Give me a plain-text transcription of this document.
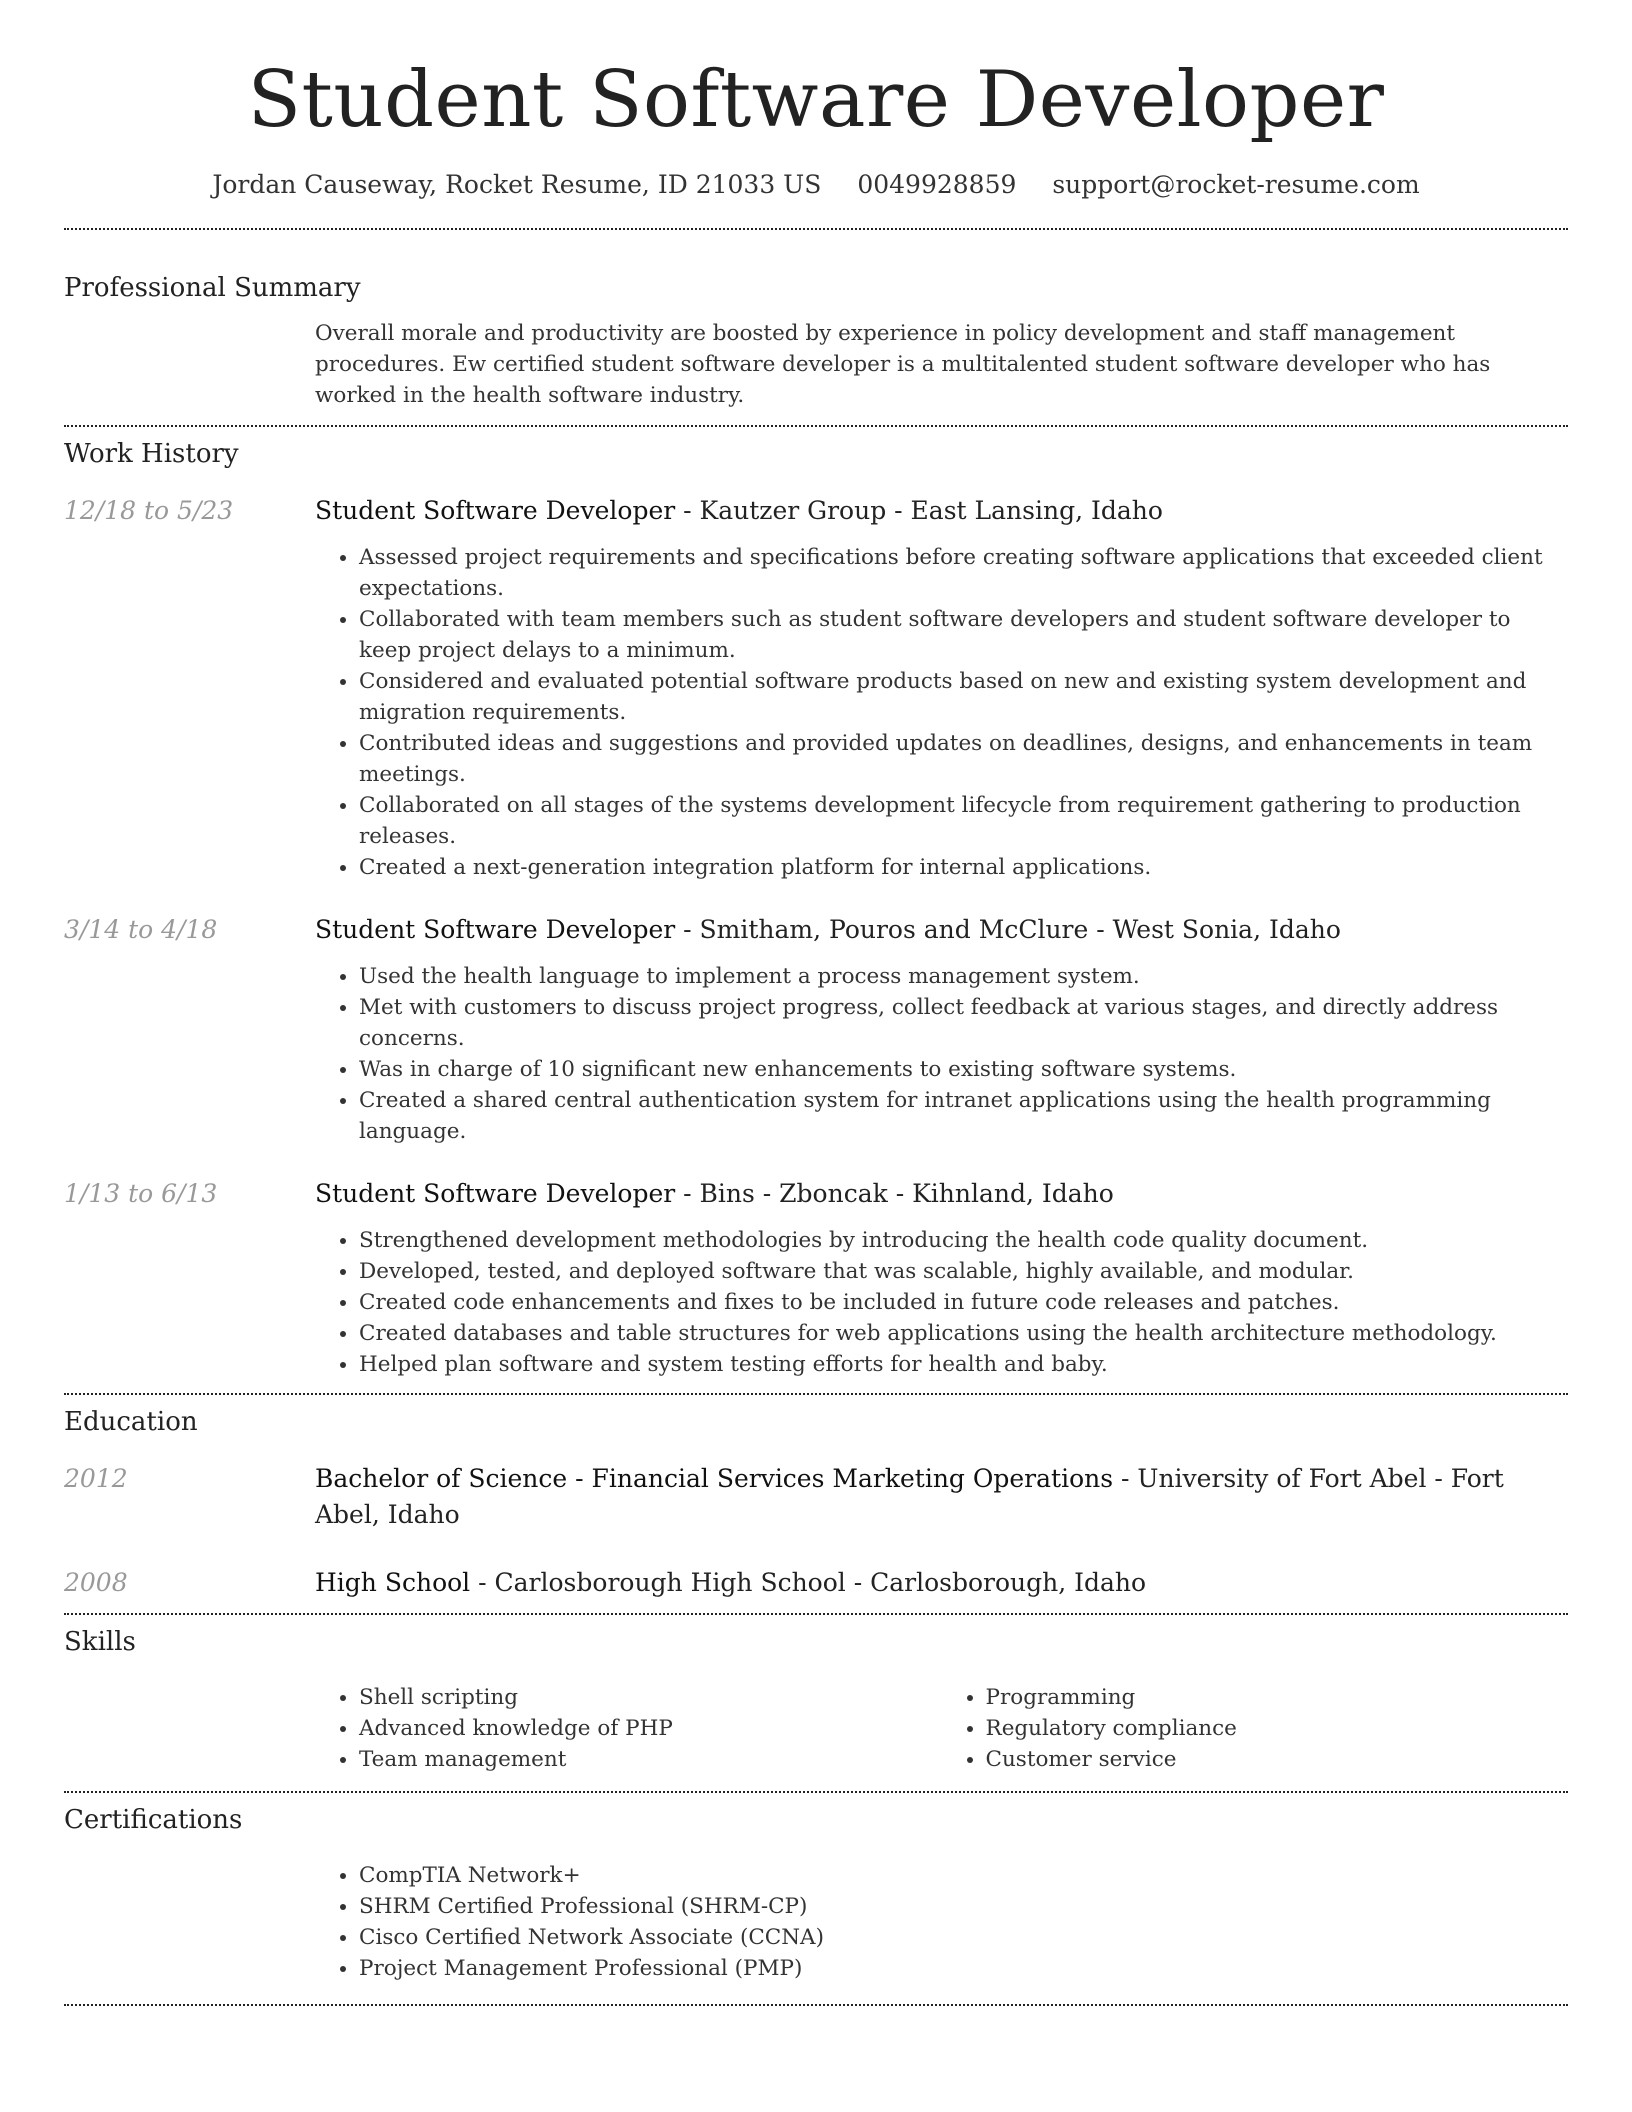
Student Software Developer
Jordan Causeway, Rocket Resume, ID 21033 US 0049928859 support@rocket-resume.com
Professional Summary

Overall morale and productivity are boosted by experience in policy development and staff management procedures. Ew certified student software developer is a multitalented student software developer who has worked in the health software industry.

Work History
12/18 to 5/23	Student Software Developer - Kautzer Group - East Lansing, Idaho
• Assessed project requirements and specifications before creating software applications that exceeded client expectations.
• Collaborated with team members such as student software developers and student software developer to keep project delays to a minimum.
• Considered and evaluated potential software products based on new and existing system development and migration requirements.
• Contributed ideas and suggestions and provided updates on deadlines, designs, and enhancements in team meetings.
• Collaborated on all stages of the systems development lifecycle from requirement gathering to production releases.
• Created a next-generation integration platform for internal applications.
3/14 to 4/18	Student Software Developer - Smitham, Pouros and McClure - West Sonia, Idaho
• Used the health language to implement a process management system.
• Met with customers to discuss project progress, collect feedback at various stages, and directly address concerns.
• Was in charge of 10 significant new enhancements to existing software systems.
• Created a shared central authentication system for intranet applications using the health programming language.
1/13 to 6/13	Student Software Developer - Bins - Zboncak - Kihnland, Idaho
• Strengthened development methodologies by introducing the health code quality document.
• Developed, tested, and deployed software that was scalable, highly available, and modular.
• Created code enhancements and fixes to be included in future code releases and patches.
• Created databases and table structures for web applications using the health architecture methodology.
• Helped plan software and system testing efforts for health and baby.
Education
2012	Bachelor of Science - Financial Services Marketing Operations - University of Fort Abel - Fort Abel, Idaho
2008	High School - Carlosborough High School - Carlosborough, Idaho
Skills
• Shell scripting
• Advanced knowledge of PHP
• Team management
• Programming
• Regulatory compliance
• Customer service
Certifications
• CompTIA Network+
• SHRM Certified Professional (SHRM-CP)
• Cisco Certified Network Associate (CCNA)
• Project Management Professional (PMP)
